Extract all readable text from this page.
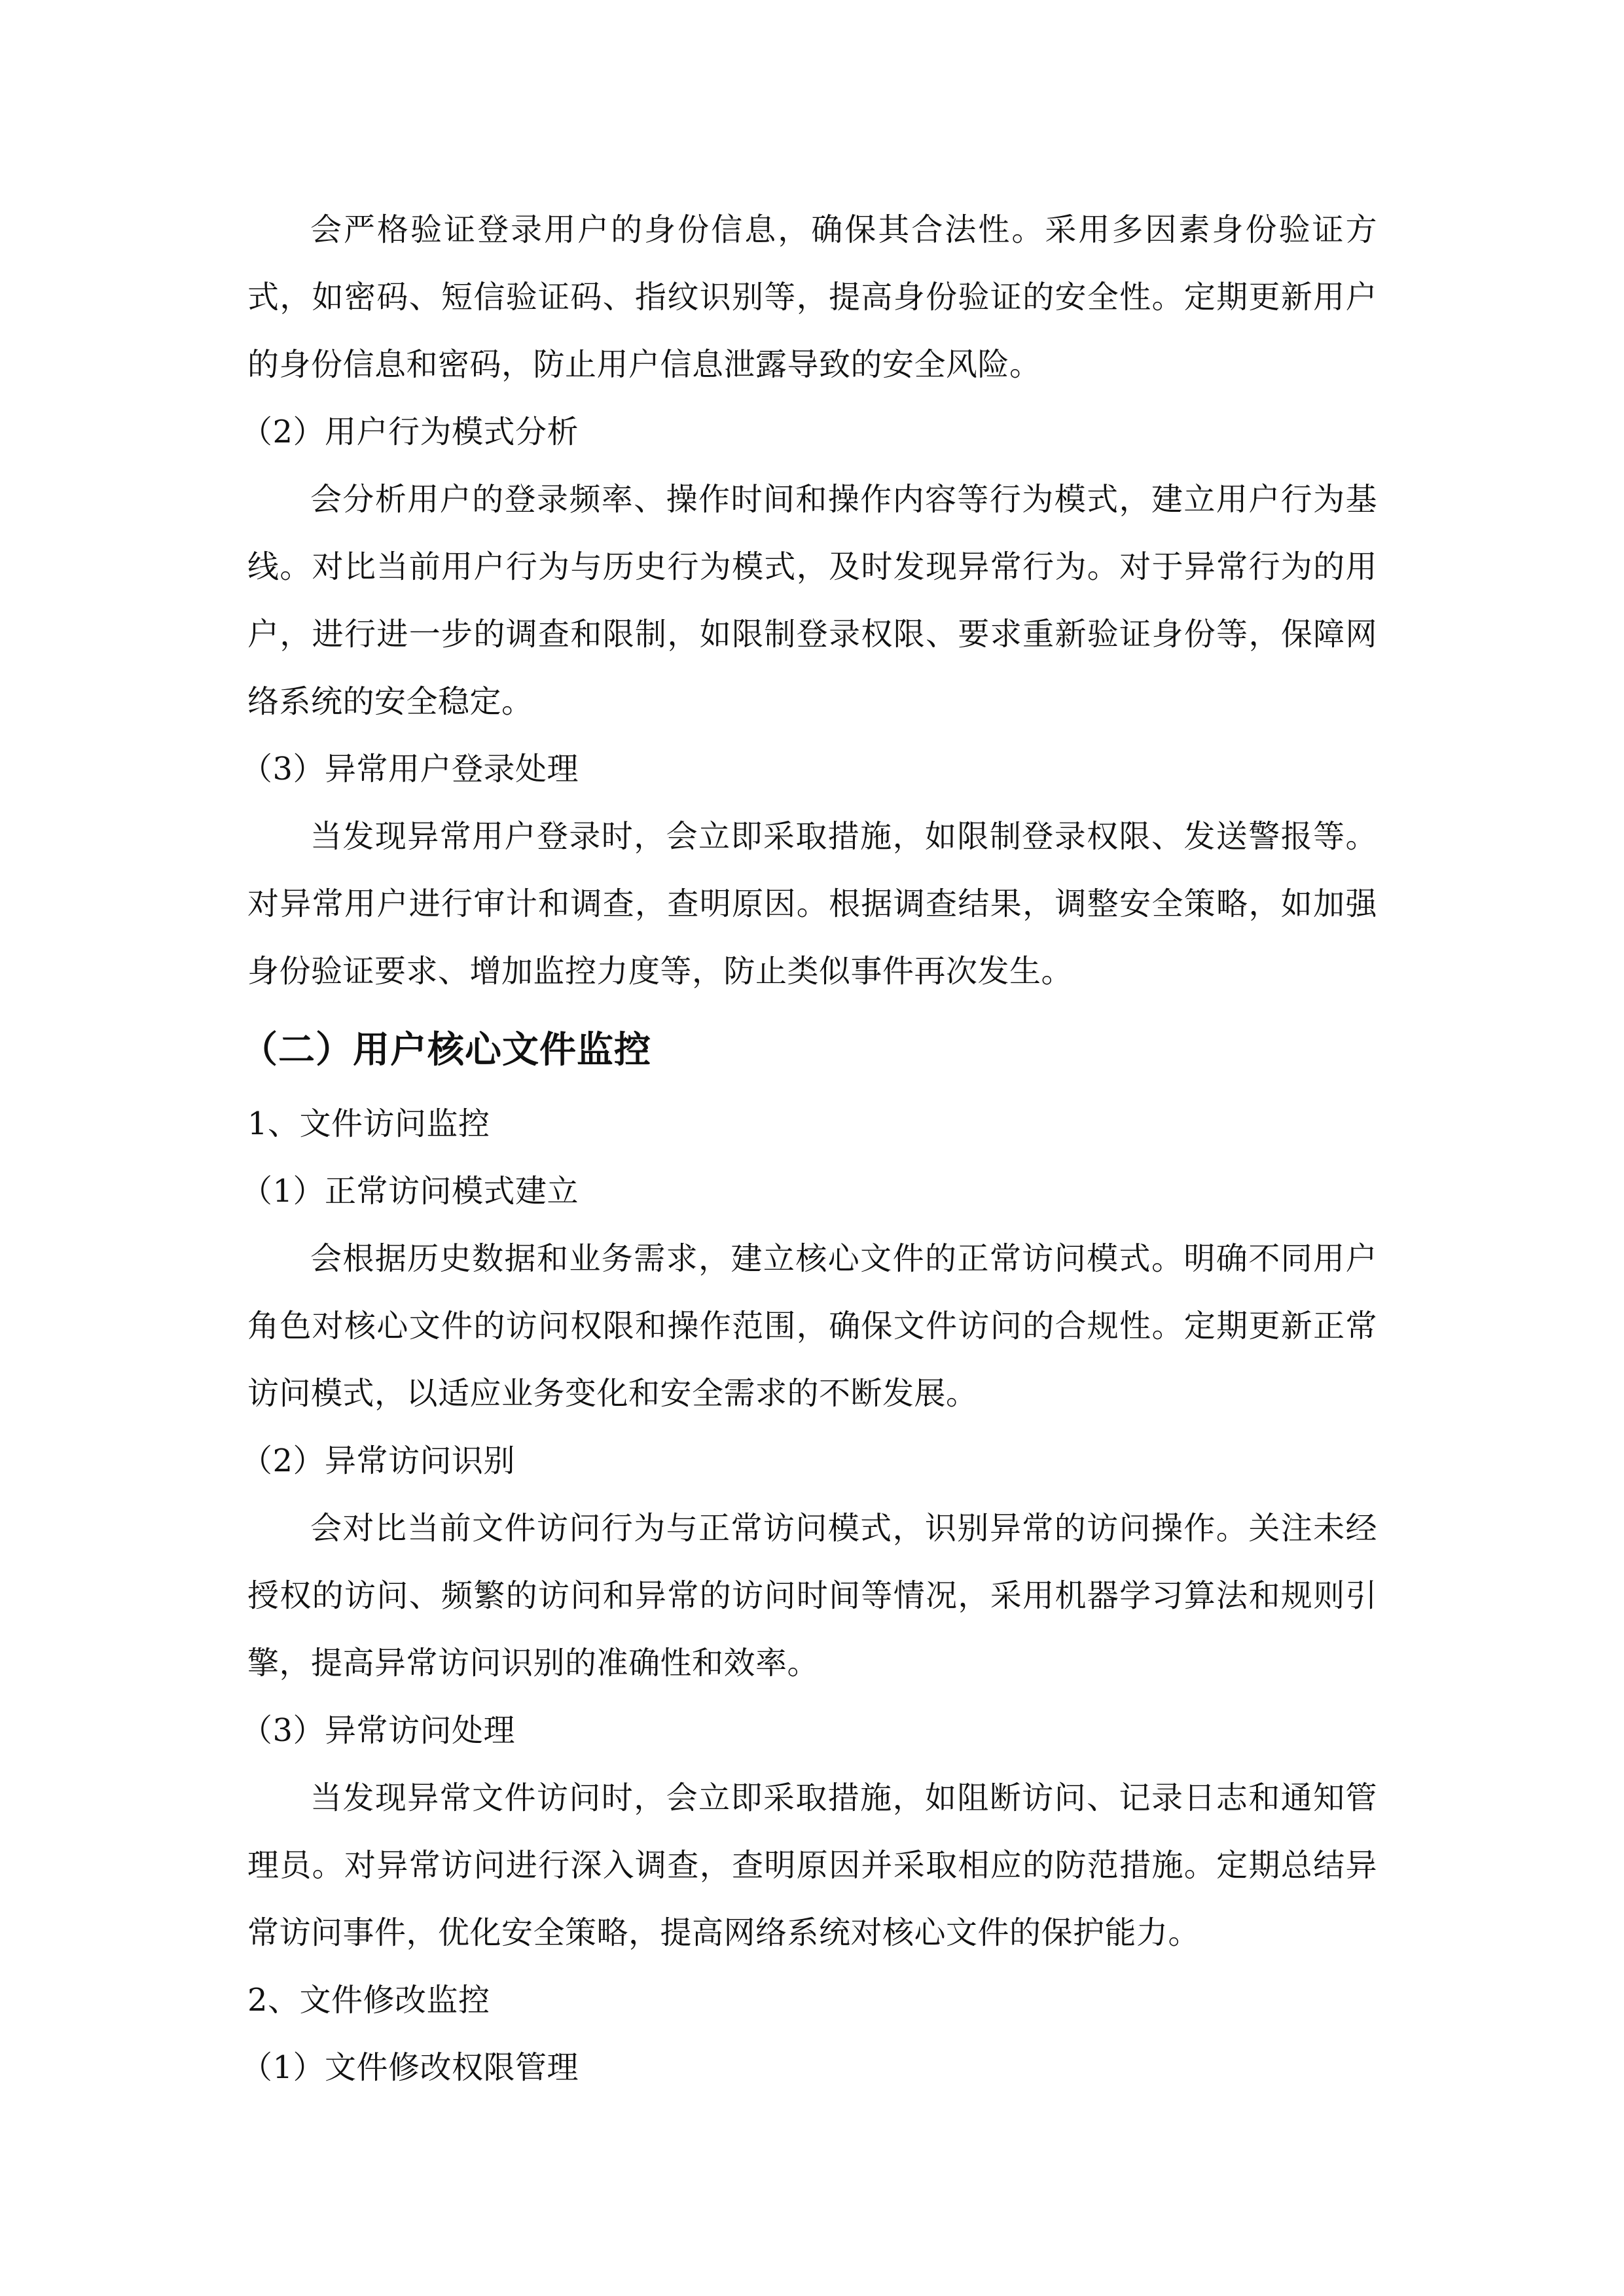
会严格验证登录用户的身份信息，确保其合法性。采用多因素身份验证方式，如密码、短信验证码、指纹识别等，提高身份验证的安全性。定期更新用户的身份信息和密码，防止用户信息泄露导致的安全风险。

（2）用户行为模式分析

会分析用户的登录频率、操作时间和操作内容等行为模式，建立用户行为基线。对比当前用户行为与历史行为模式，及时发现异常行为。对于异常行为的用户，进行进一步的调查和限制，如限制登录权限、要求重新验证身份等，保障网络系统的安全稳定。

（3）异常用户登录处理

当发现异常用户登录时，会立即采取措施，如限制登录权限、发送警报等。对异常用户进行审计和调查，查明原因。根据调查结果，调整安全策略，如加强身份验证要求、增加监控力度等，防止类似事件再次发生。

（二）用户核心文件监控

1、文件访问监控

（1）正常访问模式建立

会根据历史数据和业务需求，建立核心文件的正常访问模式。明确不同用户角色对核心文件的访问权限和操作范围，确保文件访问的合规性。定期更新正常访问模式，以适应业务变化和安全需求的不断发展。

（2）异常访问识别

会对比当前文件访问行为与正常访问模式，识别异常的访问操作。关注未经授权的访问、频繁的访问和异常的访问时间等情况，采用机器学习算法和规则引擎，提高异常访问识别的准确性和效率。

（3）异常访问处理

当发现异常文件访问时，会立即采取措施，如阻断访问、记录日志和通知管理员。对异常访问进行深入调查，查明原因并采取相应的防范措施。定期总结异常访问事件，优化安全策略，提高网络系统对核心文件的保护能力。

2、文件修改监控

（1）文件修改权限管理
